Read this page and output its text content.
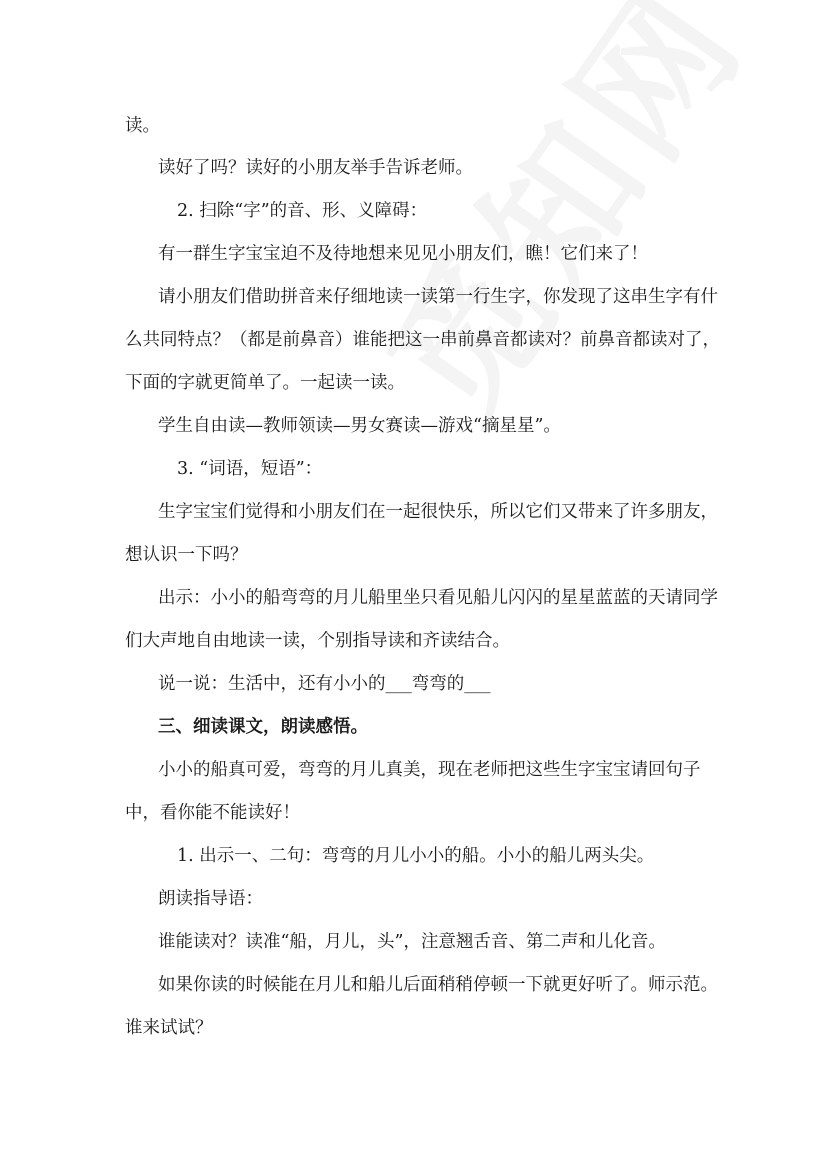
读。
读好了吗？读好的小朋友举手告诉老师。
2. 扫除“字”的音、形、义障碍：
有一群生字宝宝迫不及待地想来见见小朋友们，瞧！它们来了！
请小朋友们借助拼音来仔细地读一读第一行生字，你发现了这串生字有什
么共同特点？（都是前鼻音）谁能把这一串前鼻音都读对？前鼻音都读对了，
下面的字就更简单了。一起读一读。
学生自由读—教师领读—男女赛读—游戏“摘星星”。
3. “词语，短语”：
生字宝宝们觉得和小朋友们在一起很快乐，所以它们又带来了许多朋友，
想认识一下吗？
出示：小小的船弯弯的月儿船里坐只看见船儿闪闪的星星蓝蓝的天请同学
们大声地自由地读一读，个别指导读和齐读结合。
说一说：生活中，还有小小的___弯弯的___
三、细读课文，朗读感悟。
小小的船真可爱，弯弯的月儿真美，现在老师把这些生字宝宝请回句子
中，看你能不能读好！
1. 出示一、二句：弯弯的月儿小小的船。小小的船儿两头尖。
朗读指导语：
谁能读对？读准“船，月儿，头”，注意翘舌音、第二声和儿化音。
如果你读的时候能在月儿和船儿后面稍稍停顿一下就更好听了。师示范。
谁来试试？
